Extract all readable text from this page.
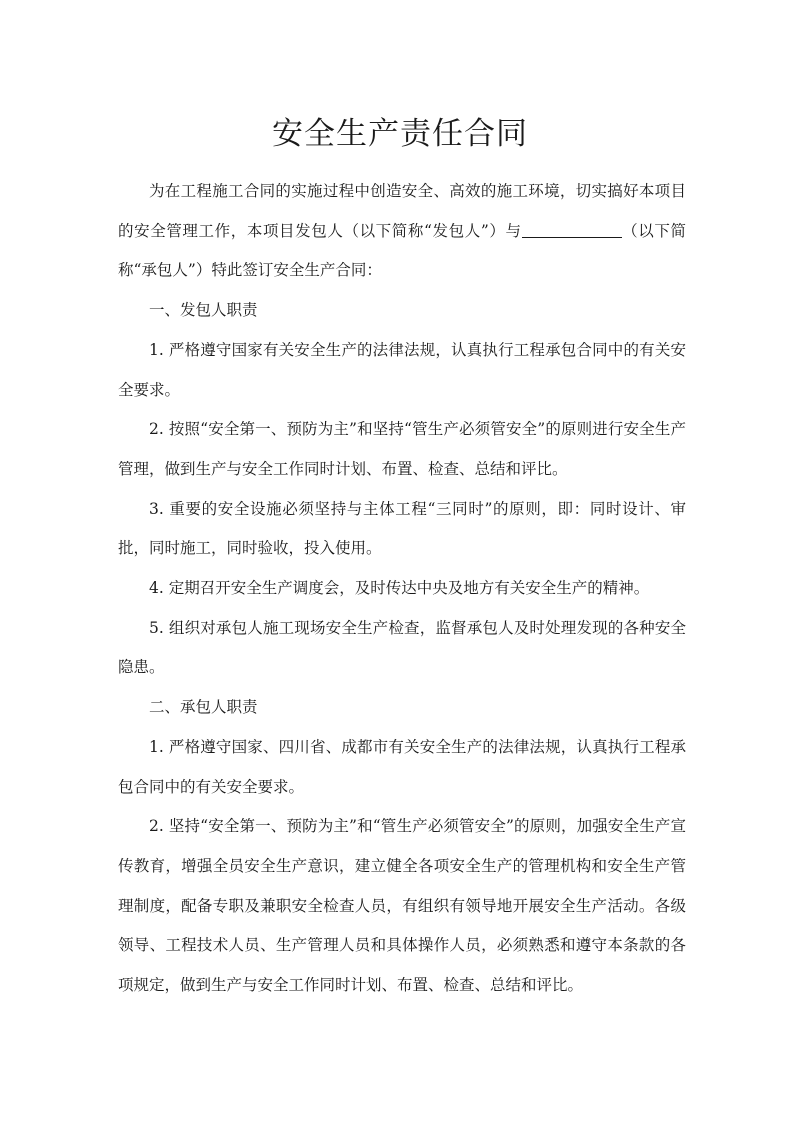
安全生产责任合同

为在工程施工合同的实施过程中创造安全、高效的施工环境，切实搞好本项目的安全管理工作，本项目发包人（以下简称“发包人”）与	（以下简称“承包人”）特此签订安全生产合同：

一、发包人职责

1. 严格遵守国家有关安全生产的法律法规，认真执行工程承包合同中的有关安全要求。

2. 按照“安全第一、预防为主”和坚持“管生产必须管安全”的原则进行安全生产管理，做到生产与安全工作同时计划、布置、检查、总结和评比。

3. 重要的安全设施必须坚持与主体工程“三同时”的原则，即：同时设计、审批，同时施工，同时验收，投入使用。

4. 定期召开安全生产调度会，及时传达中央及地方有关安全生产的精神。

5. 组织对承包人施工现场安全生产检查，监督承包人及时处理发现的各种安全隐患。

二、承包人职责

1. 严格遵守国家、四川省、成都市有关安全生产的法律法规，认真执行工程承包合同中的有关安全要求。

2. 坚持“安全第一、预防为主”和“管生产必须管安全”的原则，加强安全生产宣传教育，增强全员安全生产意识，建立健全各项安全生产的管理机构和安全生产管理制度，配备专职及兼职安全检查人员，有组织有领导地开展安全生产活动。各级领导、工程技术人员、生产管理人员和具体操作人员，必须熟悉和遵守本条款的各项规定，做到生产与安全工作同时计划、布置、检查、总结和评比。
